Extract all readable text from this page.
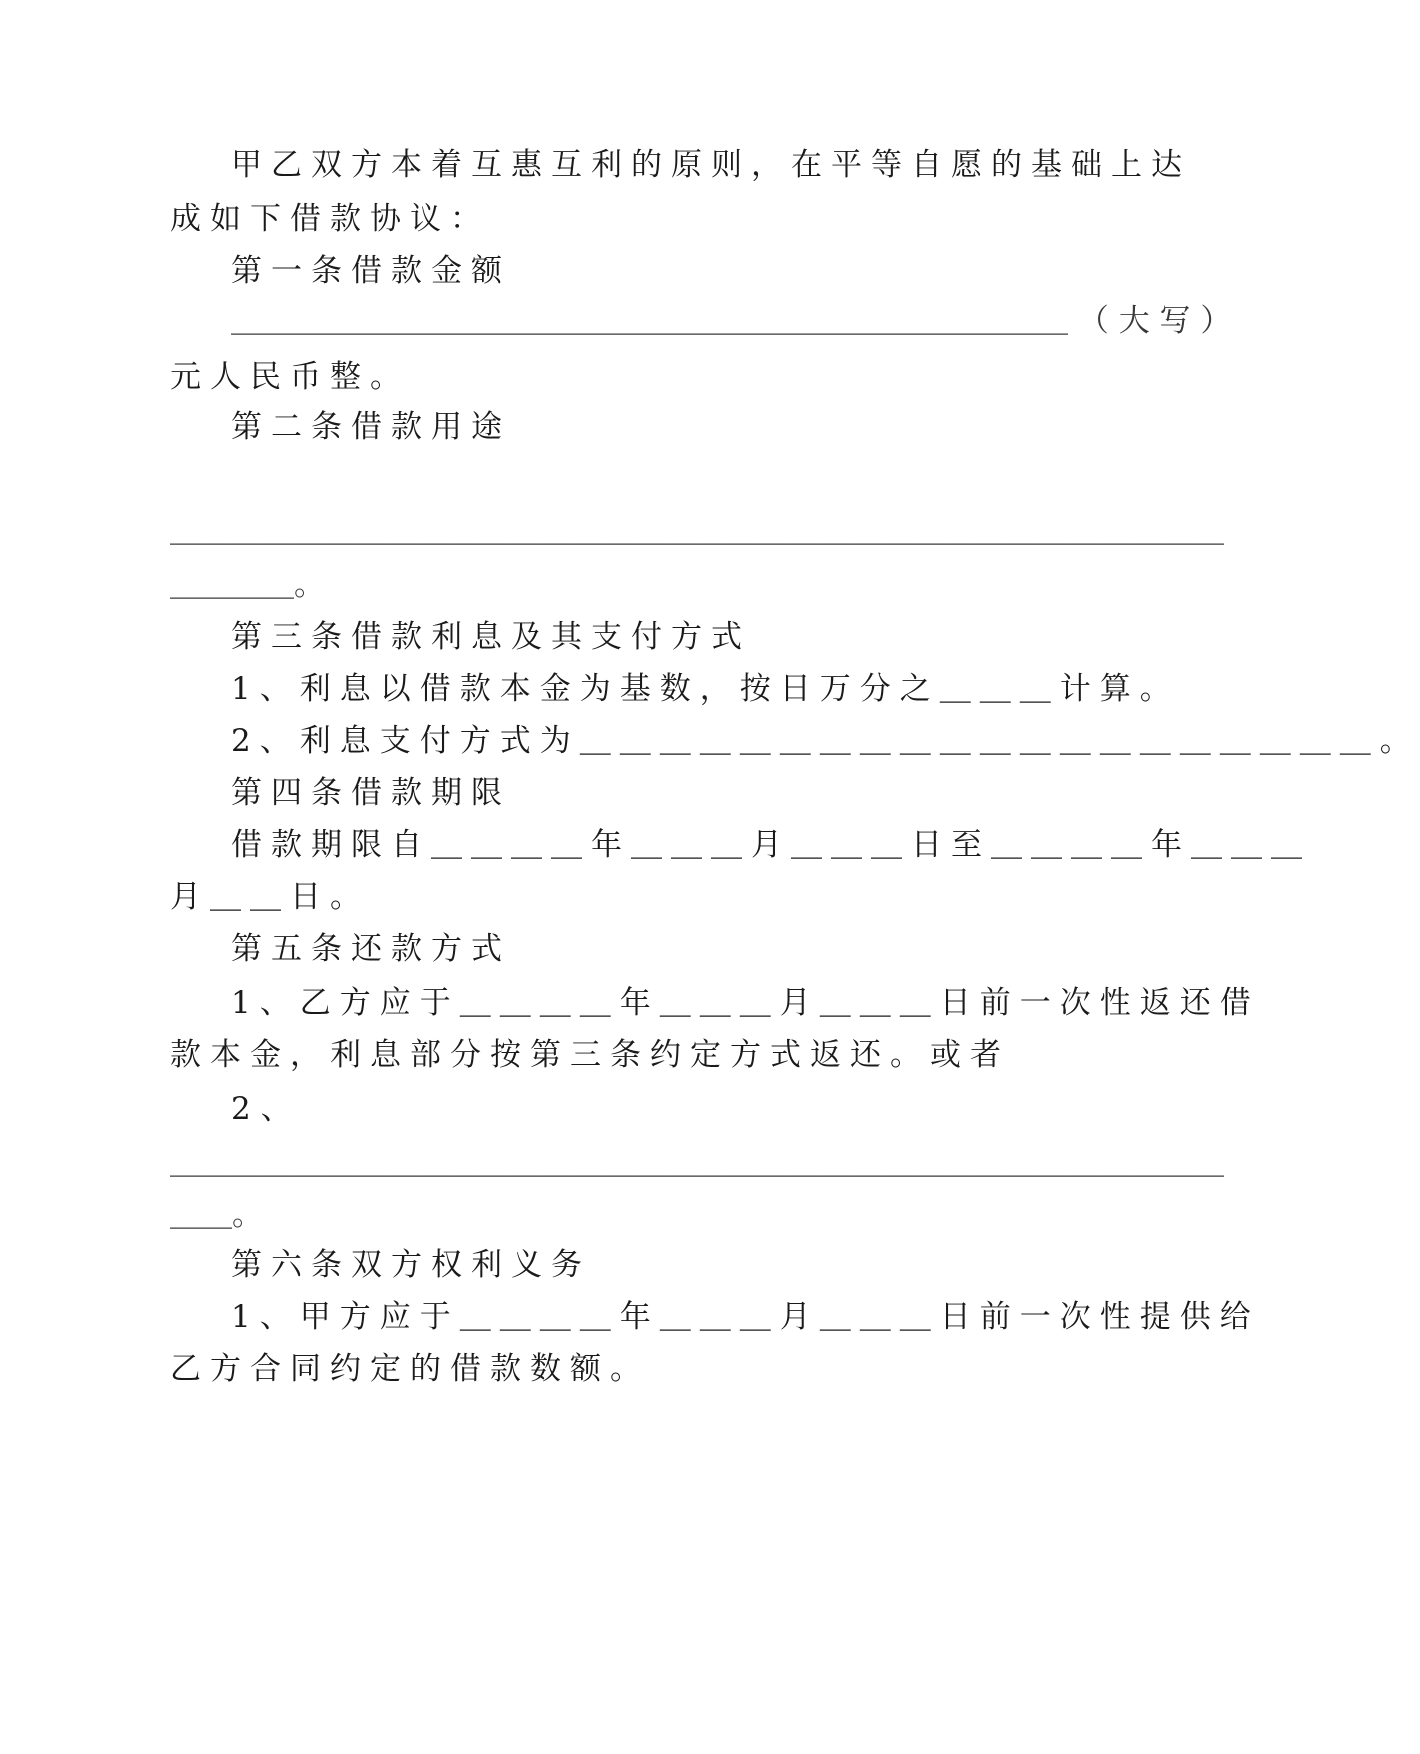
甲乙双方本着互惠互利的原则，在平等自愿的基础上达

成如下借款协议：

第一条借款金额

＿＿＿＿＿＿＿＿＿＿＿＿＿＿＿＿＿＿＿＿＿＿＿＿＿＿＿ （ 大 写 ）

元人民币整。

第二条借款用途

＿＿＿＿＿＿＿＿＿＿＿＿＿＿＿＿＿＿＿＿＿＿＿＿＿＿＿＿＿＿＿＿＿＿

＿＿＿＿。

第三条借款利息及其支付方式

1、利息以借款本金为基数，按日万分之＿＿＿计算。

2、利息支付方式为＿＿＿＿＿＿＿＿＿＿＿＿＿＿＿＿＿＿＿＿。

第四条借款期限

借款期限自＿＿＿＿年＿＿＿月＿＿＿日至＿＿＿＿年＿＿＿

月＿＿日。

第五条还款方式

1、乙方应于＿＿＿＿年＿＿＿月＿＿＿日前一次性返还借

款本金，利息部分按第三条约定方式返还。或者

2 、

＿＿＿＿＿＿＿＿＿＿＿＿＿＿＿＿＿＿＿＿＿＿＿＿＿＿＿＿＿＿＿＿＿＿

＿＿。

第六条双方权利义务

1、甲方应于＿＿＿＿年＿＿＿月＿＿＿日前一次性提供给

乙方合同约定的借款数额。
